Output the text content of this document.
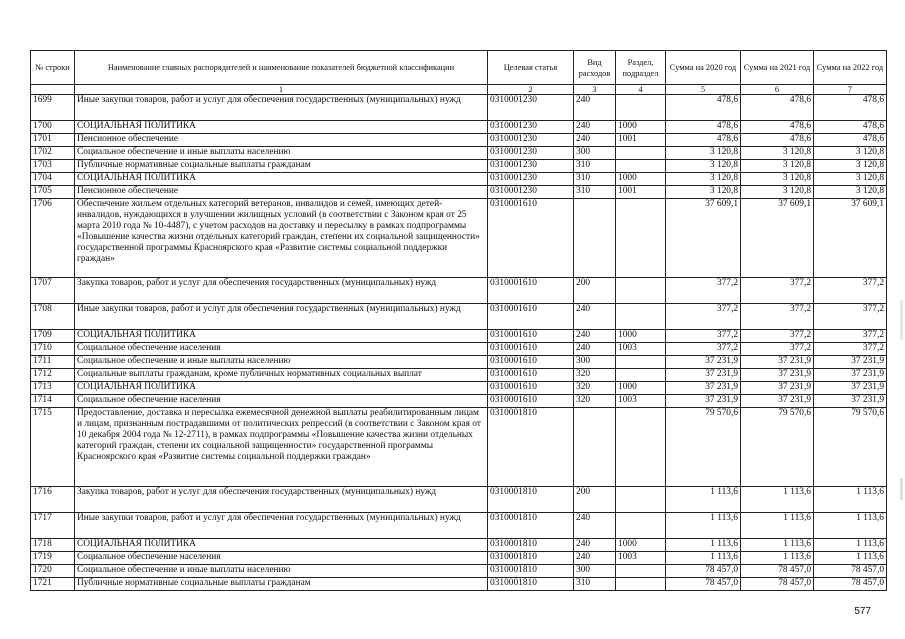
№ строки	Наименование главных распорядителей и наименование показателей бюджетной классификации	Целевая статья	Вид расходов	Раздел, подраздел	Сумма на 2020 год	Сумма на 2021 год	Сумма на 2022 год
	1	2	3	4	5	6	7
1699	Иные закупки товаров, работ и услуг для обеспечения государственных (муниципальных) нужд	0310001230	240		478,6	478,6	478,6
1700	СОЦИАЛЬНАЯ ПОЛИТИКА	0310001230	240	1000	478,6	478,6	478,6
1701	Пенсионное обеспечение	0310001230	240	1001	478,6	478,6	478,6
1702	Социальное обеспечение и иные выплаты населению	0310001230	300		3 120,8	3 120,8	3 120,8
1703	Публичные нормативные социальные выплаты гражданам	0310001230	310		3 120,8	3 120,8	3 120,8
1704	СОЦИАЛЬНАЯ ПОЛИТИКА	0310001230	310	1000	3 120,8	3 120,8	3 120,8
1705	Пенсионное обеспечение	0310001230	310	1001	3 120,8	3 120,8	3 120,8
1706	Обеспечение жильем отдельных категорий ветеранов, инвалидов и семей, имеющих детей-инвалидов, нуждающихся в улучшении жилищных условий (в соответствии с Законом края от 25 марта 2010 года № 10-4487), с учетом расходов на доставку и пересылку в рамках подпрограммы «Повышение качества жизни отдельных категорий граждан, степени их социальной защищенности» государственной программы Красноярского края «Развитие системы социальной поддержки граждан»	0310001610			37 609,1	37 609,1	37 609,1
1707	Закупка товаров, работ и услуг для обеспечения государственных (муниципальных) нужд	0310001610	200		377,2	377,2	377,2
1708	Иные закупки товаров, работ и услуг для обеспечения государственных (муниципальных) нужд	0310001610	240		377,2	377,2	377,2
1709	СОЦИАЛЬНАЯ ПОЛИТИКА	0310001610	240	1000	377,2	377,2	377,2
1710	Социальное обеспечение населения	0310001610	240	1003	377,2	377,2	377,2
1711	Социальное обеспечение и иные выплаты населению	0310001610	300		37 231,9	37 231,9	37 231,9
1712	Социальные выплаты гражданам, кроме публичных нормативных социальных выплат	0310001610	320		37 231,9	37 231,9	37 231,9
1713	СОЦИАЛЬНАЯ ПОЛИТИКА	0310001610	320	1000	37 231,9	37 231,9	37 231,9
1714	Социальное обеспечение населения	0310001610	320	1003	37 231,9	37 231,9	37 231,9
1715	Предоставление, доставка и пересылка ежемесячной денежной выплаты реабилитированным лицам и лицам, признанным пострадавшими от политических репрессий (в соответствии с Законом края от 10 декабря 2004 года № 12-2711), в рамках подпрограммы «Повышение качества жизни отдельных категорий граждан, степени их социальной защищенности» государственной программы Красноярского края «Развитие системы социальной поддержки граждан»	0310001810			79 570,6	79 570,6	79 570,6
1716	Закупка товаров, работ и услуг для обеспечения государственных (муниципальных) нужд	0310001810	200		1 113,6	1 113,6	1 113,6
1717	Иные закупки товаров, работ и услуг для обеспечения государственных (муниципальных) нужд	0310001810	240		1 113,6	1 113,6	1 113,6
1718	СОЦИАЛЬНАЯ ПОЛИТИКА	0310001810	240	1000	1 113,6	1 113,6	1 113,6
1719	Социальное обеспечение населения	0310001810	240	1003	1 113,6	1 113,6	1 113,6
1720	Социальное обеспечение и иные выплаты населению	0310001810	300		78 457,0	78 457,0	78 457,0
1721	Публичные нормативные социальные выплаты гражданам	0310001810	310		78 457,0	78 457,0	78 457,0
577
